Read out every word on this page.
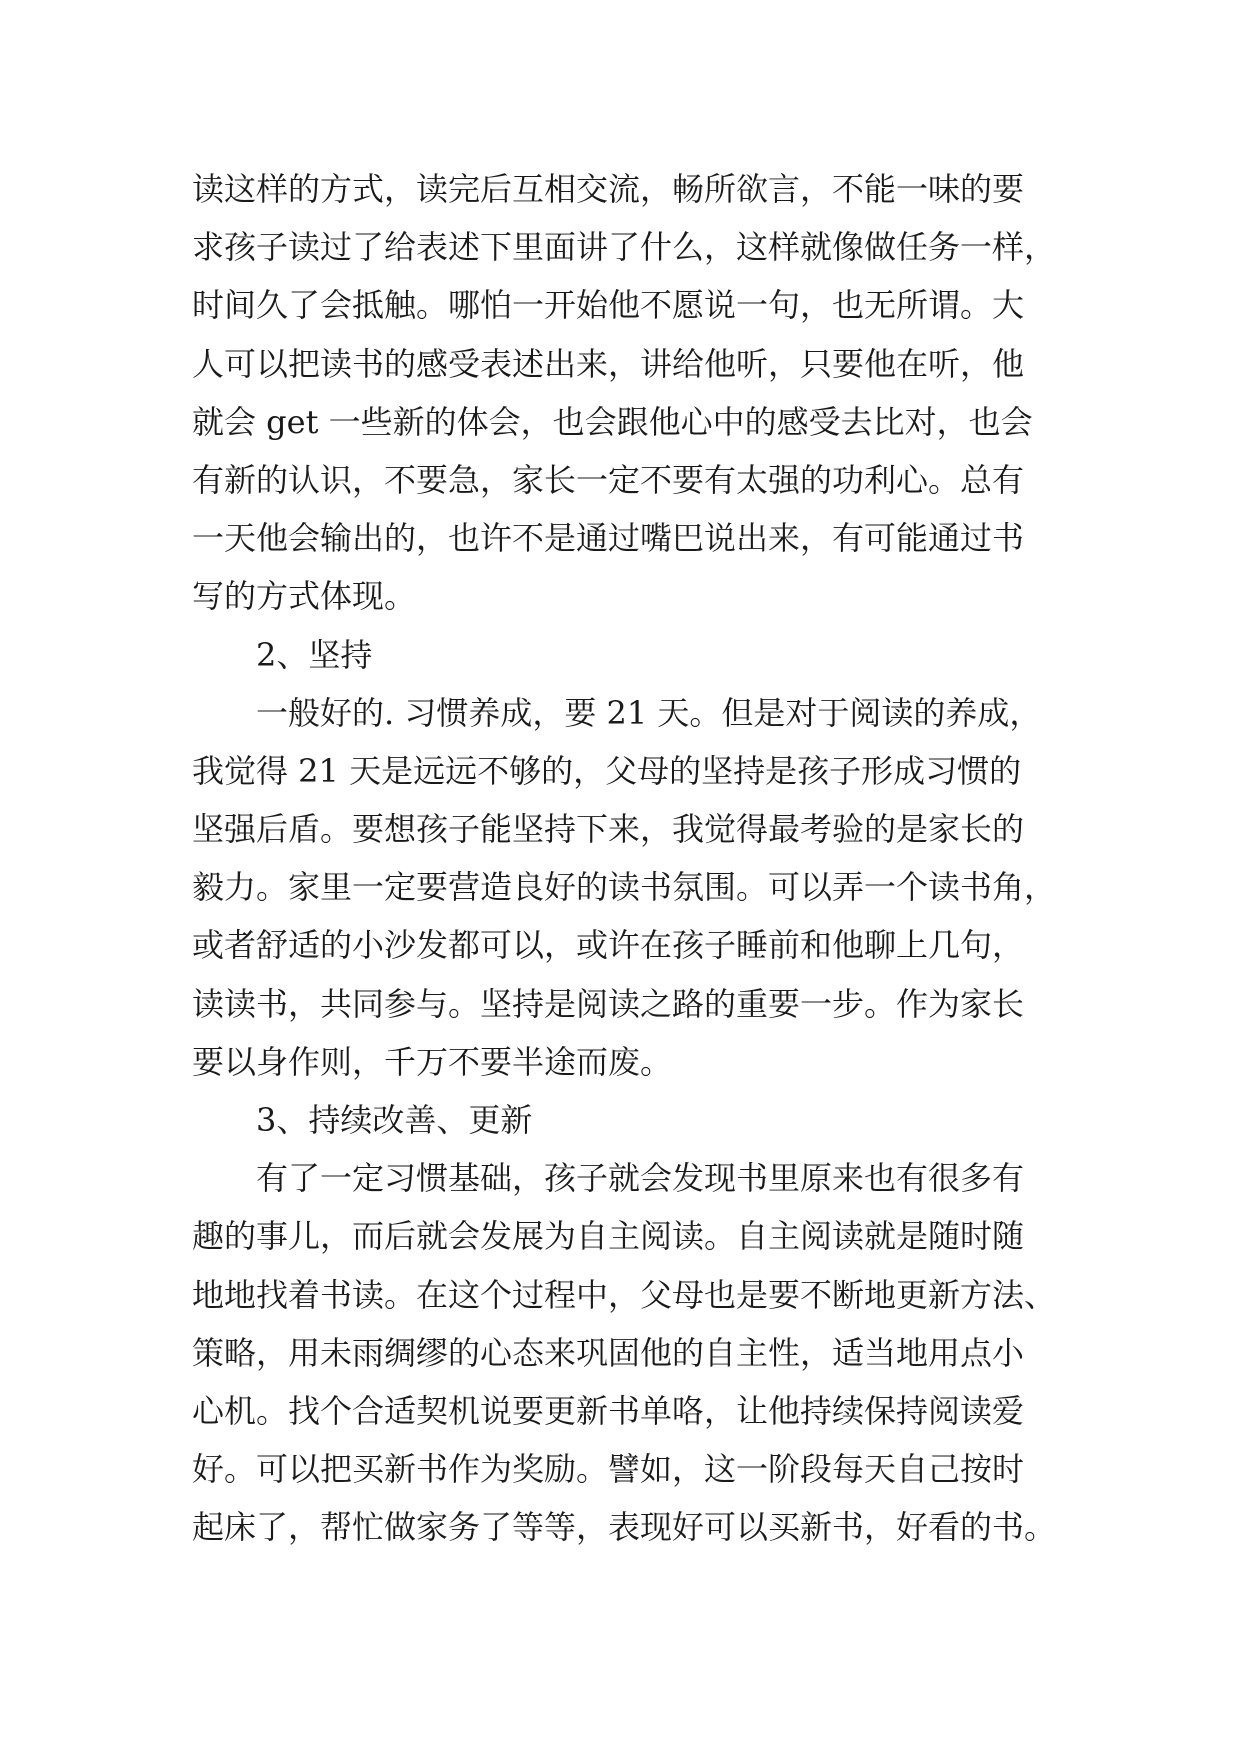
读这样的方式，读完后互相交流，畅所欲言，不能一味的要
求孩子读过了给表述下里面讲了什么，这样就像做任务一样，
时间久了会抵触。哪怕一开始他不愿说一句，也无所谓。大
人可以把读书的感受表述出来，讲给他听，只要他在听，他
就会 get 一些新的体会，也会跟他心中的感受去比对，也会
有新的认识，不要急，家长一定不要有太强的功利心。总有
一天他会输出的，也许不是通过嘴巴说出来，有可能通过书
写的方式体现。
2、坚持
一般好的. 习惯养成，要 21 天。但是对于阅读的养成，
我觉得 21 天是远远不够的，父母的坚持是孩子形成习惯的
坚强后盾。要想孩子能坚持下来，我觉得最考验的是家长的
毅力。家里一定要营造良好的读书氛围。可以弄一个读书角，
或者舒适的小沙发都可以，或许在孩子睡前和他聊上几句，
读读书，共同参与。坚持是阅读之路的重要一步。作为家长
要以身作则，千万不要半途而废。
3、持续改善、更新
有了一定习惯基础，孩子就会发现书里原来也有很多有
趣的事儿，而后就会发展为自主阅读。自主阅读就是随时随
地地找着书读。在这个过程中，父母也是要不断地更新方法、
策略，用未雨绸缪的心态来巩固他的自主性，适当地用点小
心机。找个合适契机说要更新书单咯，让他持续保持阅读爱
好。可以把买新书作为奖励。譬如，这一阶段每天自己按时
起床了，帮忙做家务了等等，表现好可以买新书，好看的书。
